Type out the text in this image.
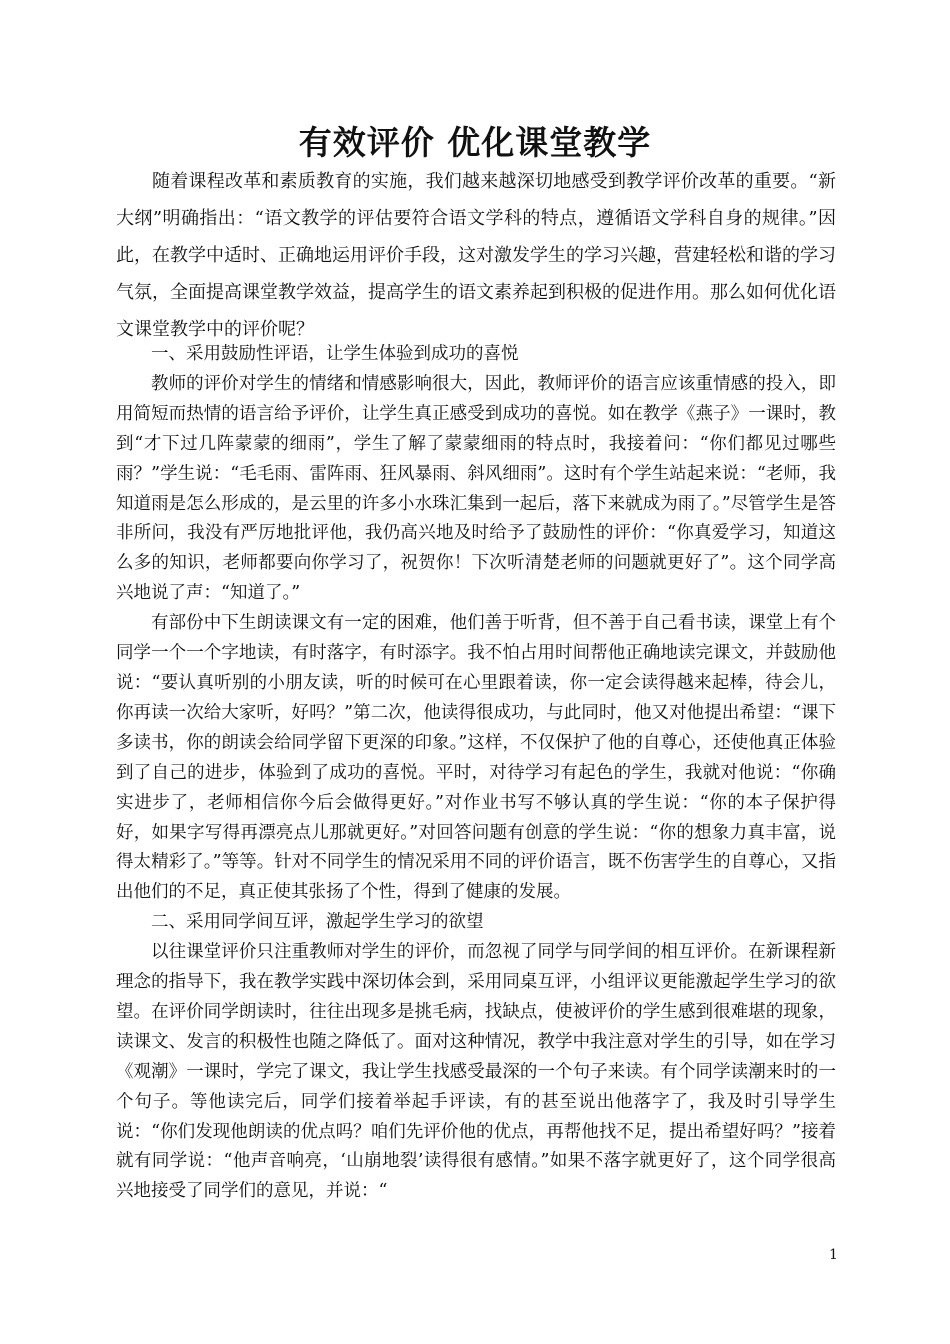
有效评价 优化课堂教学

随着课程改革和素质教育的实施，我们越来越深切地感受到教学评价改革的重要。“新大纲”明确指出：“语文教学的评估要符合语文学科的特点，遵循语文学科自身的规律。”因此，在教学中适时、正确地运用评价手段，这对激发学生的学习兴趣，营建轻松和谐的学习气氛，全面提高课堂教学效益，提高学生的语文素养起到积极的促进作用。那么如何优化语文课堂教学中的评价呢？

一、采用鼓励性评语，让学生体验到成功的喜悦

教师的评价对学生的情绪和情感影响很大，因此，教师评价的语言应该重情感的投入，即用简短而热情的语言给予评价，让学生真正感受到成功的喜悦。如在教学《燕子》一课时，教到“才下过几阵蒙蒙的细雨”，学生了解了蒙蒙细雨的特点时，我接着问：“你们都见过哪些雨？”学生说：“毛毛雨、雷阵雨、狂风暴雨、斜风细雨”。这时有个学生站起来说：“老师，我知道雨是怎么形成的，是云里的许多小水珠汇集到一起后，落下来就成为雨了。”尽管学生是答非所问，我没有严厉地批评他，我仍高兴地及时给予了鼓励性的评价：“你真爱学习，知道这么多的知识，老师都要向你学习了，祝贺你！下次听清楚老师的问题就更好了”。这个同学高兴地说了声：“知道了。”

有部份中下生朗读课文有一定的困难，他们善于听背，但不善于自己看书读，课堂上有个同学一个一个字地读，有时落字，有时添字。我不怕占用时间帮他正确地读完课文，并鼓励他说：“要认真听别的小朋友读，听的时候可在心里跟着读，你一定会读得越来起棒，待会儿，你再读一次给大家听，好吗？”第二次，他读得很成功，与此同时，他又对他提出希望：“课下多读书，你的朗读会给同学留下更深的印象。”这样，不仅保护了他的自尊心，还使他真正体验到了自己的进步，体验到了成功的喜悦。平时，对待学习有起色的学生，我就对他说：“你确实进步了，老师相信你今后会做得更好。”对作业书写不够认真的学生说：“你的本子保护得好，如果字写得再漂亮点儿那就更好。”对回答问题有创意的学生说：“你的想象力真丰富，说得太精彩了。”等等。针对不同学生的情况采用不同的评价语言，既不伤害学生的自尊心，又指出他们的不足，真正使其张扬了个性，得到了健康的发展。

二、采用同学间互评，激起学生学习的欲望

以往课堂评价只注重教师对学生的评价，而忽视了同学与同学间的相互评价。在新课程新理念的指导下，我在教学实践中深切体会到，采用同桌互评，小组评议更能激起学生学习的欲望。在评价同学朗读时，往往出现多是挑毛病，找缺点，使被评价的学生感到很难堪的现象，读课文、发言的积极性也随之降低了。面对这种情况，教学中我注意对学生的引导，如在学习《观潮》一课时，学完了课文，我让学生找感受最深的一个句子来读。有个同学读潮来时的一个句子。等他读完后，同学们接着举起手评读，有的甚至说出他落字了，我及时引导学生说：“你们发现他朗读的优点吗？咱们先评价他的优点，再帮他找不足，提出希望好吗？”接着就有同学说：“他声音响亮，‘山崩地裂’读得很有感情。”如果不落字就更好了，这个同学很高兴地接受了同学们的意见，并说：“

1
